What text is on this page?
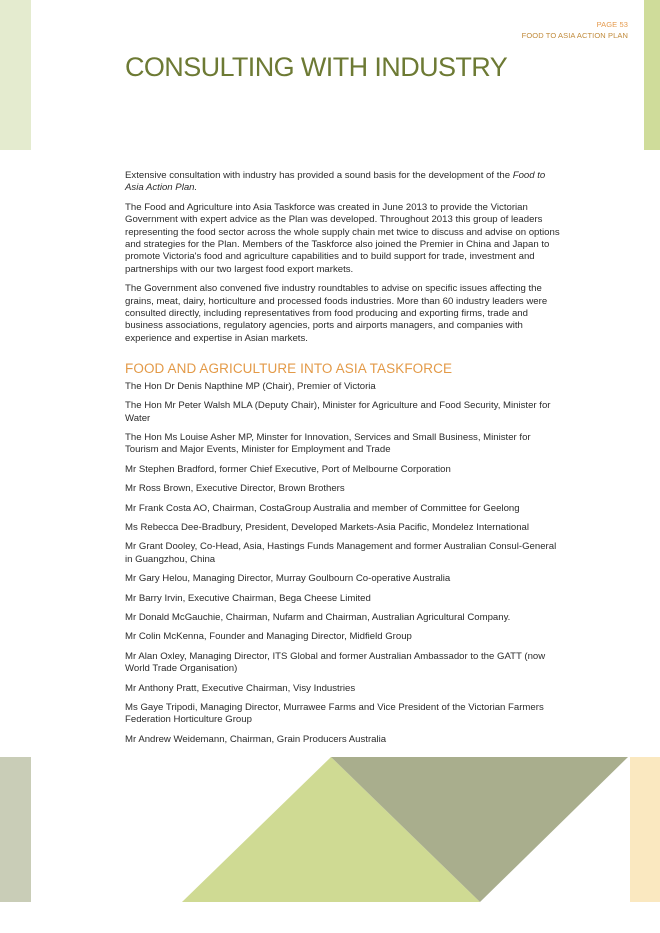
PAGE 53
FOOD TO ASIA ACTION PLAN
CONSULTING WITH INDUSTRY

Extensive consultation with industry has provided a sound basis for the development of the Food to Asia Action Plan.

The Food and Agriculture into Asia Taskforce was created in June 2013 to provide the Victorian Government with expert advice as the Plan was developed. Throughout 2013 this group of leaders representing the food sector across the whole supply chain met twice to discuss and advise on options and strategies for the Plan. Members of the Taskforce also joined the Premier in China and Japan to promote Victoria's food and agriculture capabilities and to build support for trade, investment and partnerships with our two largest food export markets.

The Government also convened five industry roundtables to advise on specific issues affecting the grains, meat, dairy, horticulture and processed foods industries. More than 60 industry leaders were consulted directly, including representatives from food producing and exporting firms, trade and business associations, regulatory agencies, ports and airports managers, and companies with experience and expertise in Asian markets.

FOOD AND AGRICULTURE INTO ASIA TASKFORCE

The Hon Dr Denis Napthine MP (Chair), Premier of Victoria

The Hon Mr Peter Walsh MLA (Deputy Chair), Minister for Agriculture and Food Security, Minister for Water

The Hon Ms Louise Asher MP, Minster for Innovation, Services and Small Business, Minister for Tourism and Major Events, Minister for Employment and Trade

Mr Stephen Bradford, former Chief Executive, Port of Melbourne Corporation

Mr Ross Brown, Executive Director, Brown Brothers

Mr Frank Costa AO, Chairman, CostaGroup Australia and member of Committee for Geelong

Ms Rebecca Dee-Bradbury, President, Developed Markets-Asia Pacific, Mondelez International

Mr Grant Dooley, Co-Head, Asia, Hastings Funds Management and former Australian Consul-General in Guangzhou, China

Mr Gary Helou, Managing Director, Murray Goulbourn Co-operative Australia

Mr Barry Irvin, Executive Chairman, Bega Cheese Limited

Mr Donald McGauchie, Chairman, Nufarm and Chairman, Australian Agricultural Company.

Mr Colin McKenna, Founder and Managing Director, Midfield Group

Mr Alan Oxley, Managing Director, ITS Global and former Australian Ambassador to the GATT (now World Trade Organisation)

Mr Anthony Pratt, Executive Chairman, Visy Industries

Ms Gaye Tripodi, Managing Director, Murrawee Farms and Vice President of the Victorian Farmers Federation Horticulture Group

Mr Andrew Weidemann, Chairman, Grain Producers Australia
